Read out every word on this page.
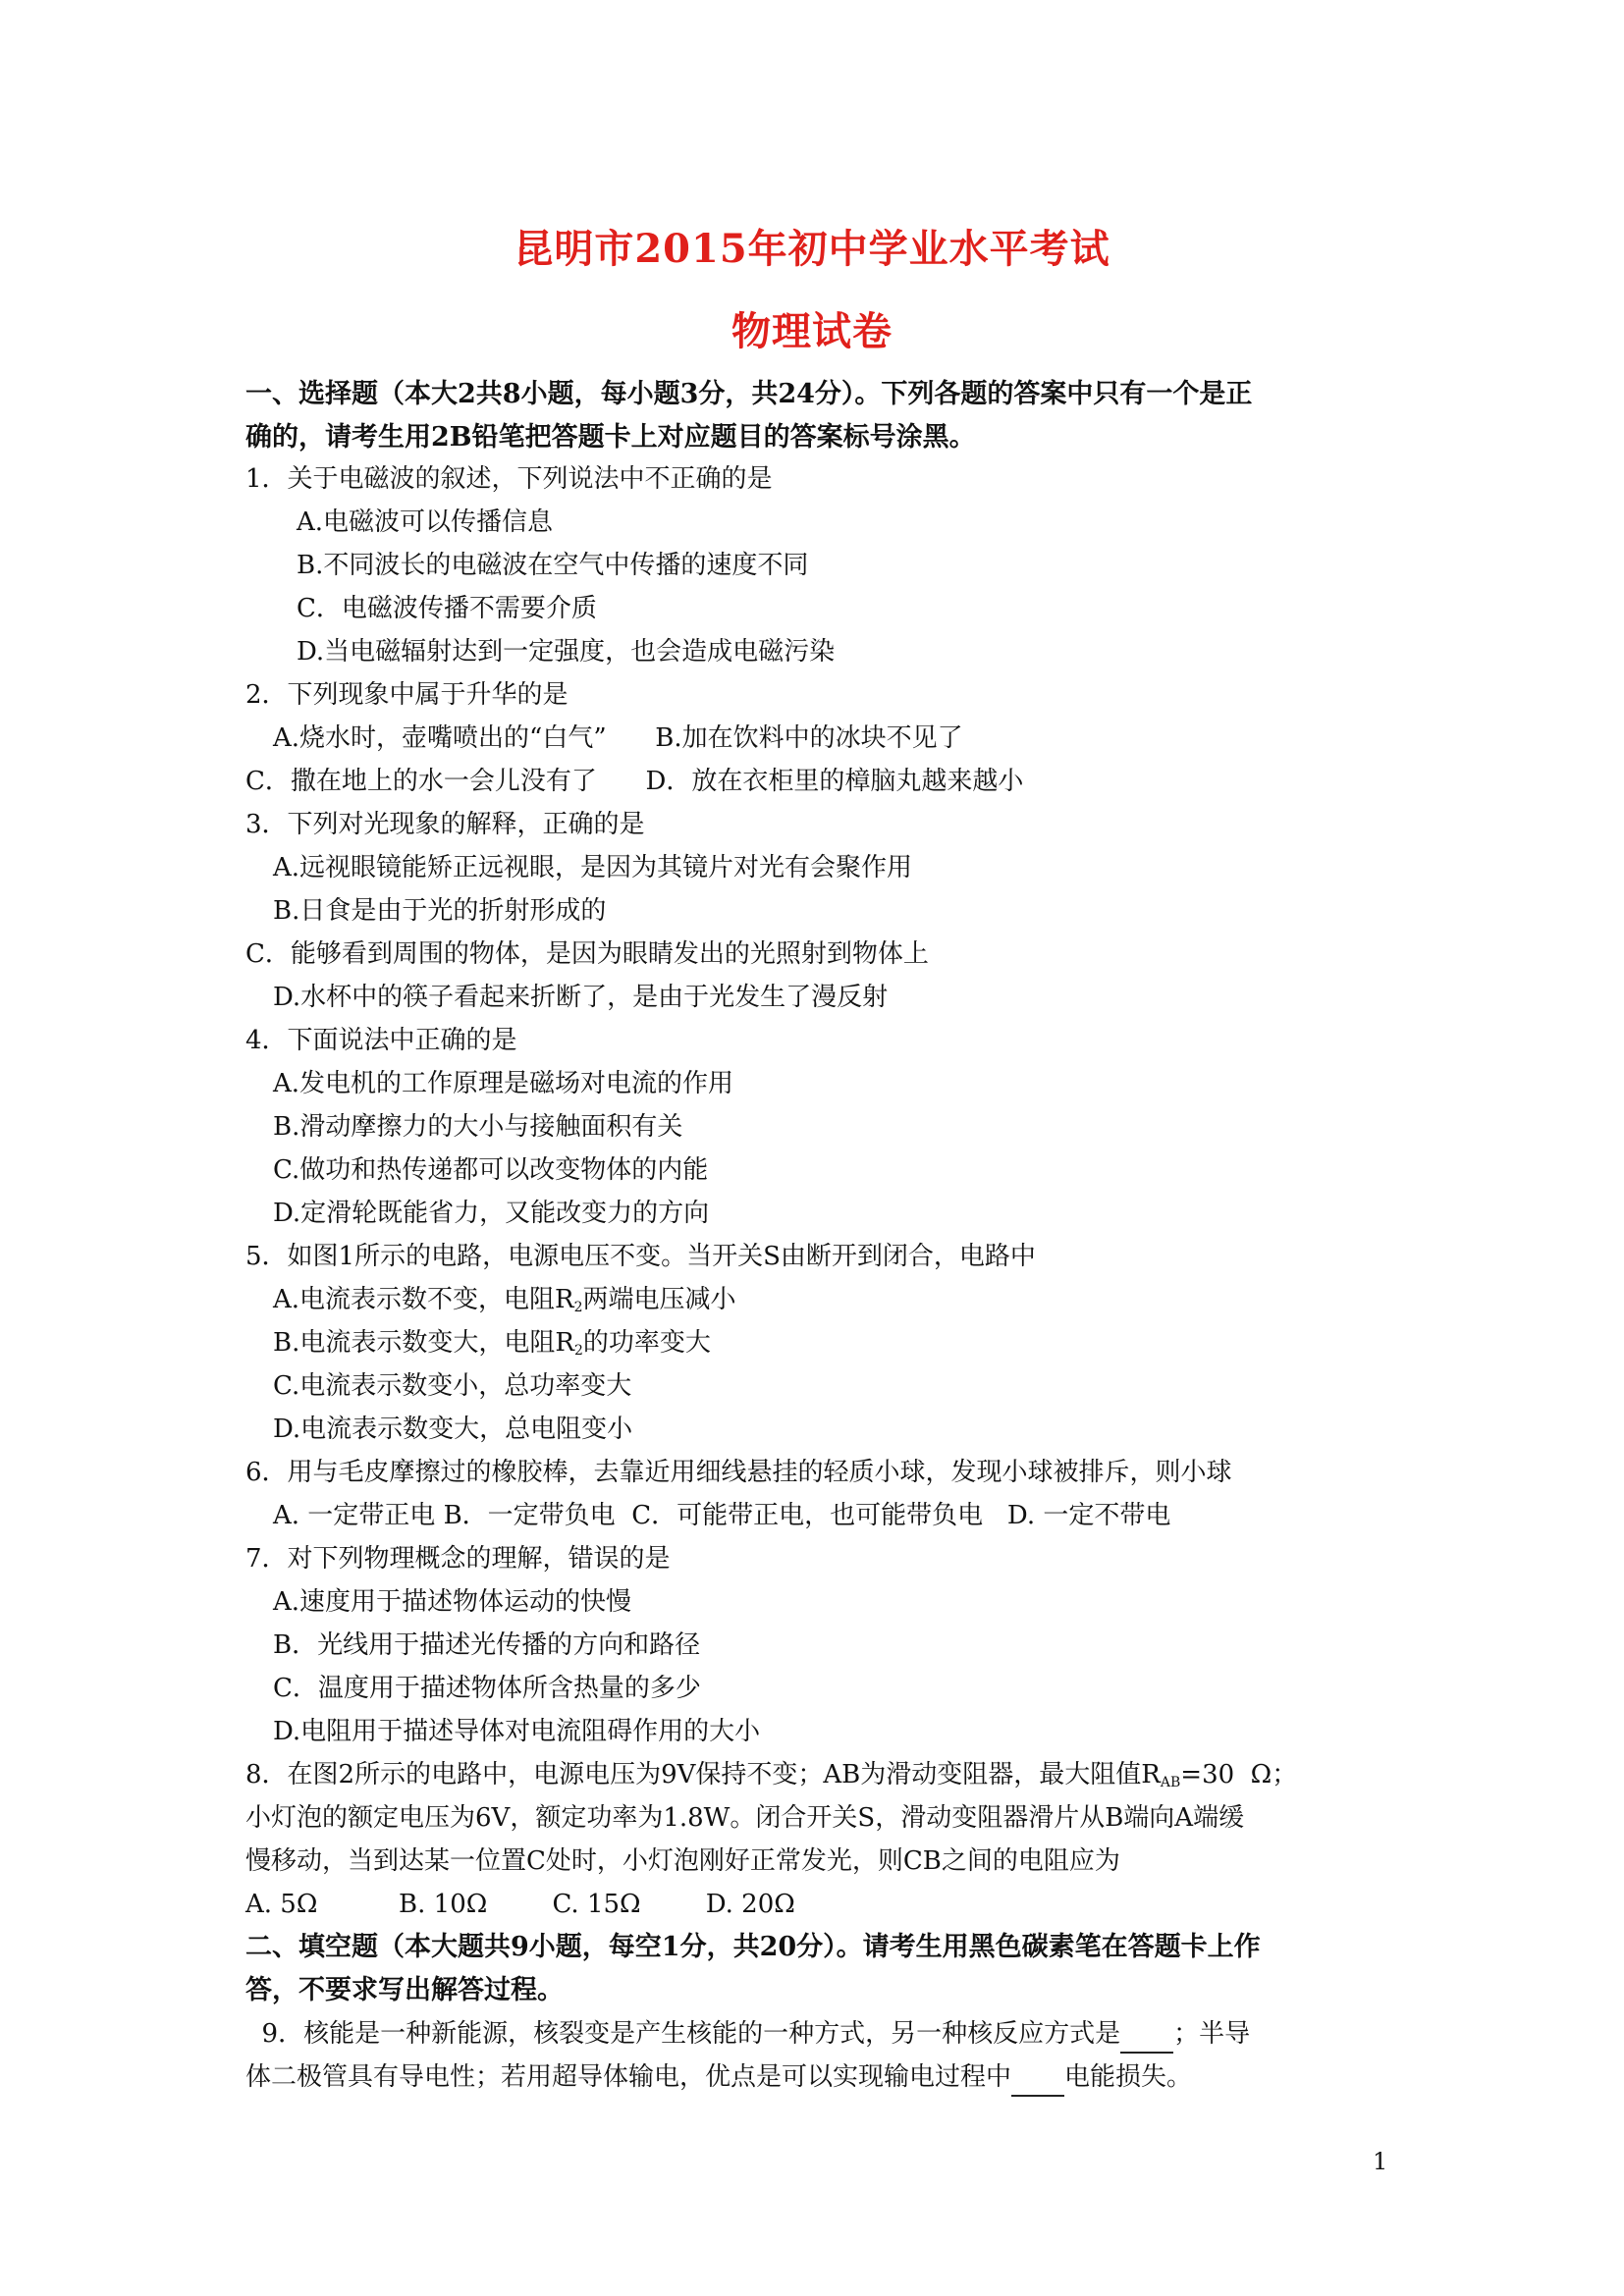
昆明市2015年初中学业水平考试
物理试卷
一、选择题（本大2共8小题，每小题3分，共24分）。下列各题的答案中只有一个是正
确的，请考生用2B铅笔把答题卡上对应题目的答案标号涂黑。
1．关于电磁波的叙述，下列说法中不正确的是
A.电磁波可以传播信息
B.不同波长的电磁波在空气中传播的速度不同
C．电磁波传播不需要介质
D.当电磁辐射达到一定强度，也会造成电磁污染
2．下列现象中属于升华的是
A.烧水时，壶嘴喷出的“白气”      B.加在饮料中的冰块不见了
C．撒在地上的水一会儿没有了      D．放在衣柜里的樟脑丸越来越小
3．下列对光现象的解释，正确的是
A.远视眼镜能矫正远视眼，是因为其镜片对光有会聚作用
B.日食是由于光的折射形成的
C．能够看到周围的物体，是因为眼睛发出的光照射到物体上
D.水杯中的筷子看起来折断了，是由于光发生了漫反射
4．下面说法中正确的是
A.发电机的工作原理是磁场对电流的作用
B.滑动摩擦力的大小与接触面积有关
C.做功和热传递都可以改变物体的内能
D.定滑轮既能省力，又能改变力的方向
5．如图1所示的电路，电源电压不变。当开关S由断开到闭合，电路中
A.电流表示数不变，电阻$R_2$两端电压减小
B.电流表示数变大，电阻$R_2$的功率变大
C.电流表示数变小，总功率变大
D.电流表示数变大，总电阻变小
6．用与毛皮摩擦过的橡胶棒，去靠近用细线悬挂的轻质小球，发现小球被排斥，则小球
A. 一定带正电 B．一定带负电  C．可能带正电，也可能带负电   D. 一定不带电
7．对下列物理概念的理解，错误的是
A.速度用于描述物体运动的快慢
B．光线用于描述光传播的方向和路径
C．温度用于描述物体所含热量的多少
D.电阻用于描述导体对电流阻碍作用的大小
8．在图2所示的电路中，电源电压为9V保持不变；AB为滑动变阻器，最大阻值$R_{AB}=30$  Ω；
小灯泡的额定电压为6V，额定功率为1.8W。闭合开关S，滑动变阻器滑片从B端向A端缓
慢移动，当到达某一位置C处时，小灯泡刚好正常发光，则CB之间的电阻应为
A. 5Ω          B. 10Ω        C. 15Ω        D. 20Ω
二、填空题（本大题共9小题，每空1分，共20分）。请考生用黑色碳素笔在答题卡上作
答，不要求写出解答过程。
9．核能是一种新能源，核裂变是产生核能的一种方式，另一种核反应方式是 ；半导
体二极管具有导电性；若用超导体输电，优点是可以实现输电过程中 电能损失。
1
